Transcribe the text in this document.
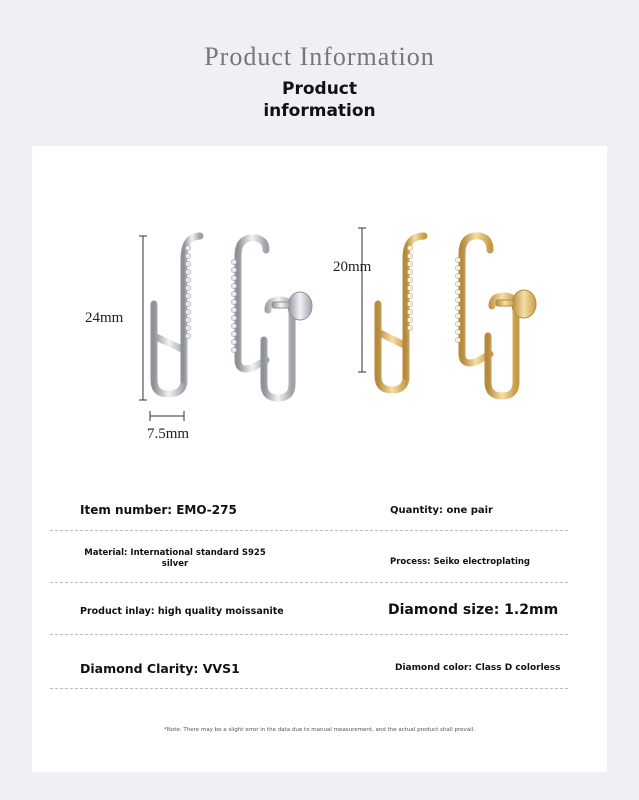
Product Information
Product
information
24mm
7.5mm
20mm
Item number: EMO-275	Quantity: one pair
Material: International standard S925
silver	Process: Seiko electroplating
Product inlay: high quality moissanite	Diamond size: 1.2mm
Diamond Clarity: VVS1	Diamond color: Class D colorless
*Note: There may be a slight error in the data due to manual measurement, and the actual product shall prevail.
